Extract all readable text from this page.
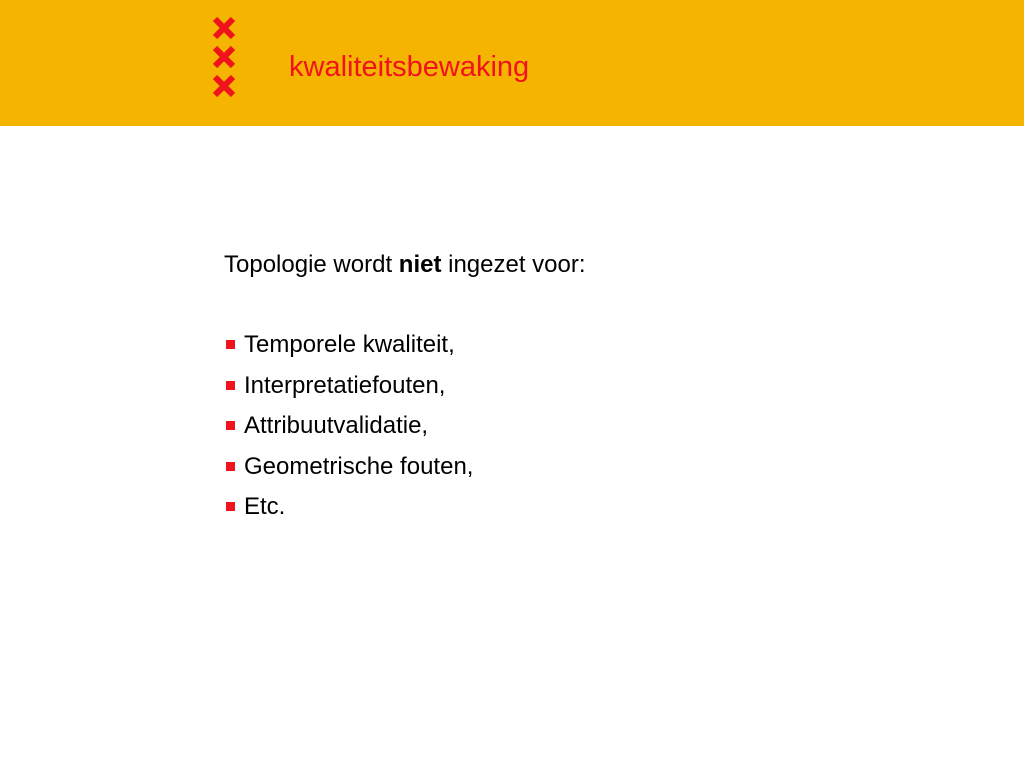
kwaliteitsbewaking
Topologie wordt niet ingezet voor:
Temporele kwaliteit,
Interpretatiefouten,
Attribuutvalidatie,
Geometrische fouten,
Etc.
